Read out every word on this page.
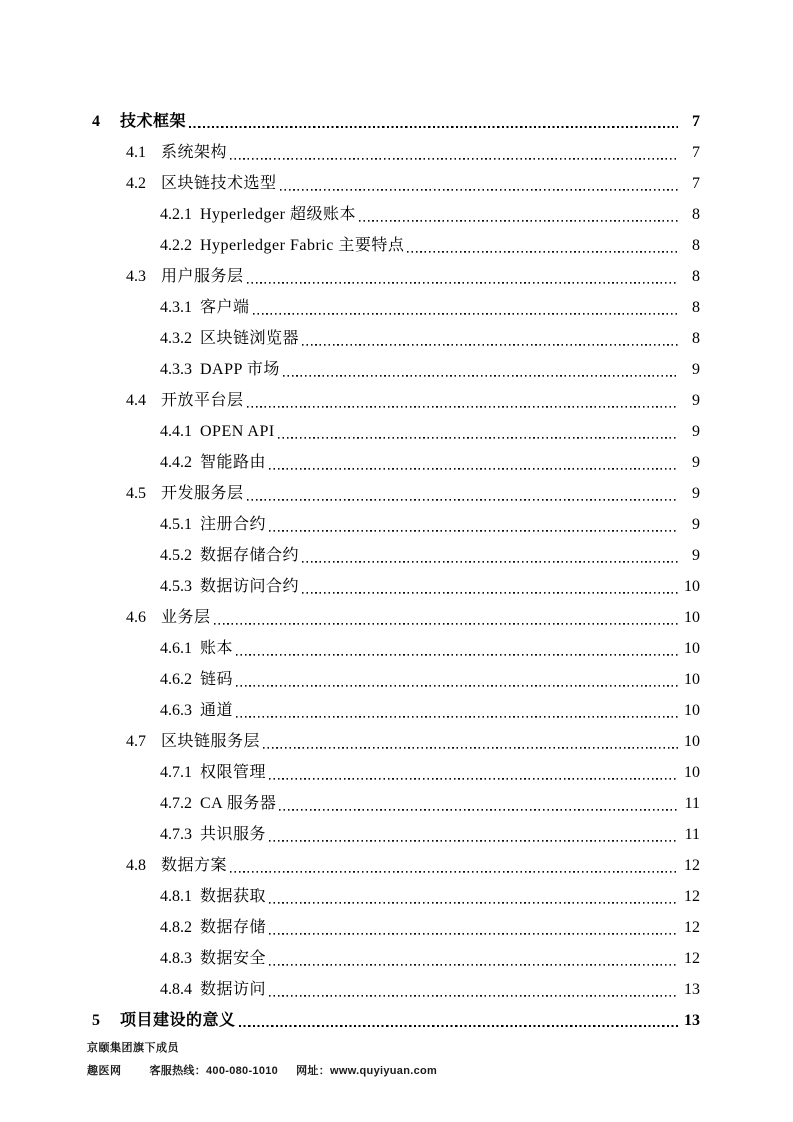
4	技术框架	7
4.1 系统架构	7
4.2 区块链技术选型	7
4.2.1 Hyperledger 超级账本	8
4.2.2 Hyperledger Fabric 主要特点	8
4.3 用户服务层	8
4.3.1 客户端	8
4.3.2 区块链浏览器	8
4.3.3 DAPP 市场	9
4.4 开放平台层	9
4.4.1 OPEN API	9
4.4.2 智能路由	9
4.5 开发服务层	9
4.5.1 注册合约	9
4.5.2 数据存储合约	9
4.5.3 数据访问合约	10
4.6 业务层	10
4.6.1 账本	10
4.6.2 链码	10
4.6.3 通道	10
4.7 区块链服务层	10
4.7.1 权限管理	10
4.7.2 CA 服务器	11
4.7.3 共识服务	11
4.8 数据方案	12
4.8.1 数据获取	12
4.8.2 数据存储	12
4.8.3 数据安全	12
4.8.4 数据访问	13
5	项目建设的意义	13
京颐集团旗下成员
趣医网	客服热线：400-080-1010 网址：www.quyiyuan.com
